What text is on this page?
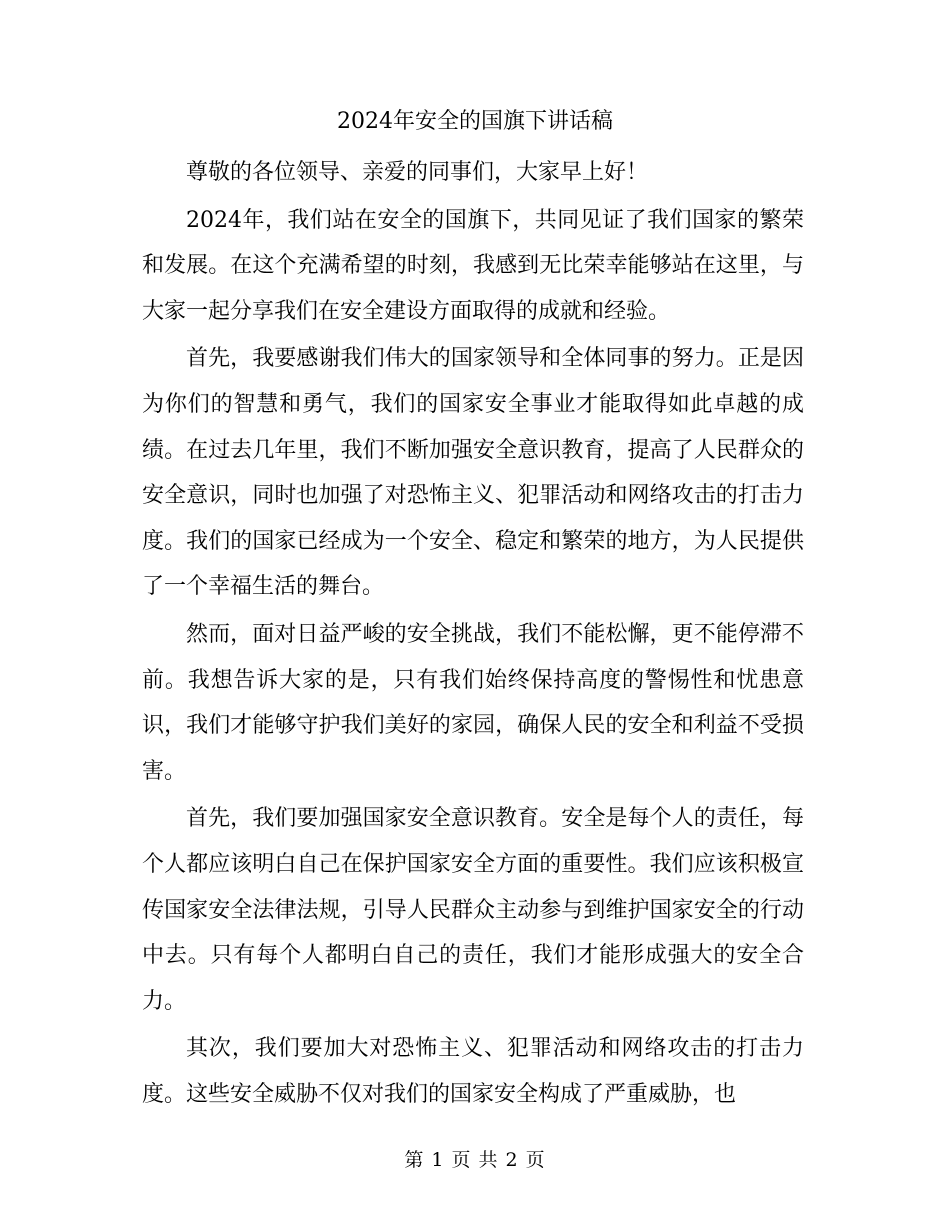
2024年安全的国旗下讲话稿

尊敬的各位领导、亲爱的同事们，大家早上好！

2024年，我们站在安全的国旗下，共同见证了我们国家的繁荣和发展。在这个充满希望的时刻，我感到无比荣幸能够站在这里，与大家一起分享我们在安全建设方面取得的成就和经验。

首先，我要感谢我们伟大的国家领导和全体同事的努力。正是因为你们的智慧和勇气，我们的国家安全事业才能取得如此卓越的成绩。在过去几年里，我们不断加强安全意识教育，提高了人民群众的安全意识，同时也加强了对恐怖主义、犯罪活动和网络攻击的打击力度。我们的国家已经成为一个安全、稳定和繁荣的地方，为人民提供了一个幸福生活的舞台。

然而，面对日益严峻的安全挑战，我们不能松懈，更不能停滞不前。我想告诉大家的是，只有我们始终保持高度的警惕性和忧患意识，我们才能够守护我们美好的家园，确保人民的安全和利益不受损害。

首先，我们要加强国家安全意识教育。安全是每个人的责任，每个人都应该明白自己在保护国家安全方面的重要性。我们应该积极宣传国家安全法律法规，引导人民群众主动参与到维护国家安全的行动中去。只有每个人都明白自己的责任，我们才能形成强大的安全合力。

其次，我们要加大对恐怖主义、犯罪活动和网络攻击的打击力度。这些安全威胁不仅对我们的国家安全构成了严重威胁，也

第 1 页 共 2 页
